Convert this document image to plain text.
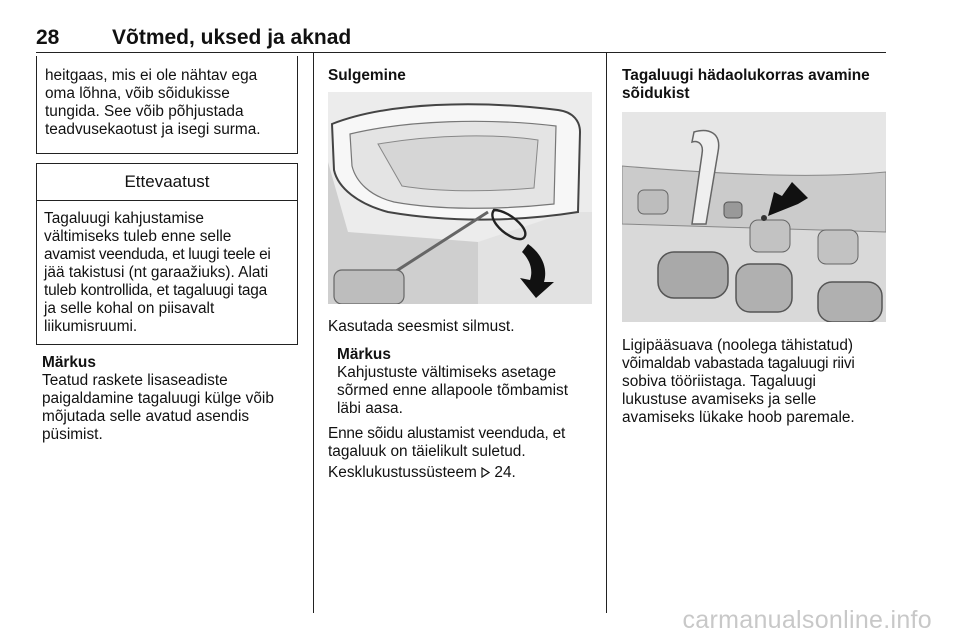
28	Võtmed, uksed ja aknad

heitgaas, mis ei ole nähtav ega

oma lõhna, võib sõidukisse

tungida. See võib põhjustada

teadvusekaotust ja isegi surma.

Ettevaatust

Tagaluugi kahjustamise

vältimiseks tuleb enne selle

avamist veenduda, et luugi teele ei

jää takistusi (nt garaažiuks). Alati

tuleb kontrollida, et tagaluugi taga

ja selle kohal on piisavalt

liikumisruumi.

Märkus

Teatud raskete lisaseadiste

paigaldamine tagaluugi külge võib

mõjutada selle avatud asendis

püsimist.

Sulgemine

Kasutada seesmist silmust.

Märkus

Kahjustuste vältimiseks asetage

sõrmed enne allapoole tõmbamist

läbi aasa.

Enne sõidu alustamist veenduda, et

tagaluuk on täielikult suletud.

Kesklukustussüsteem 24.

Tagaluugi hädaolukorras avamine

sõidukist

Ligipääsuava (noolega tähistatud)

võimaldab vabastada tagaluugi riivi

sobiva tööriistaga. Tagaluugi

lukustuse avamiseks ja selle

avamiseks lükake hoob paremale.

carmanualsonline.info
